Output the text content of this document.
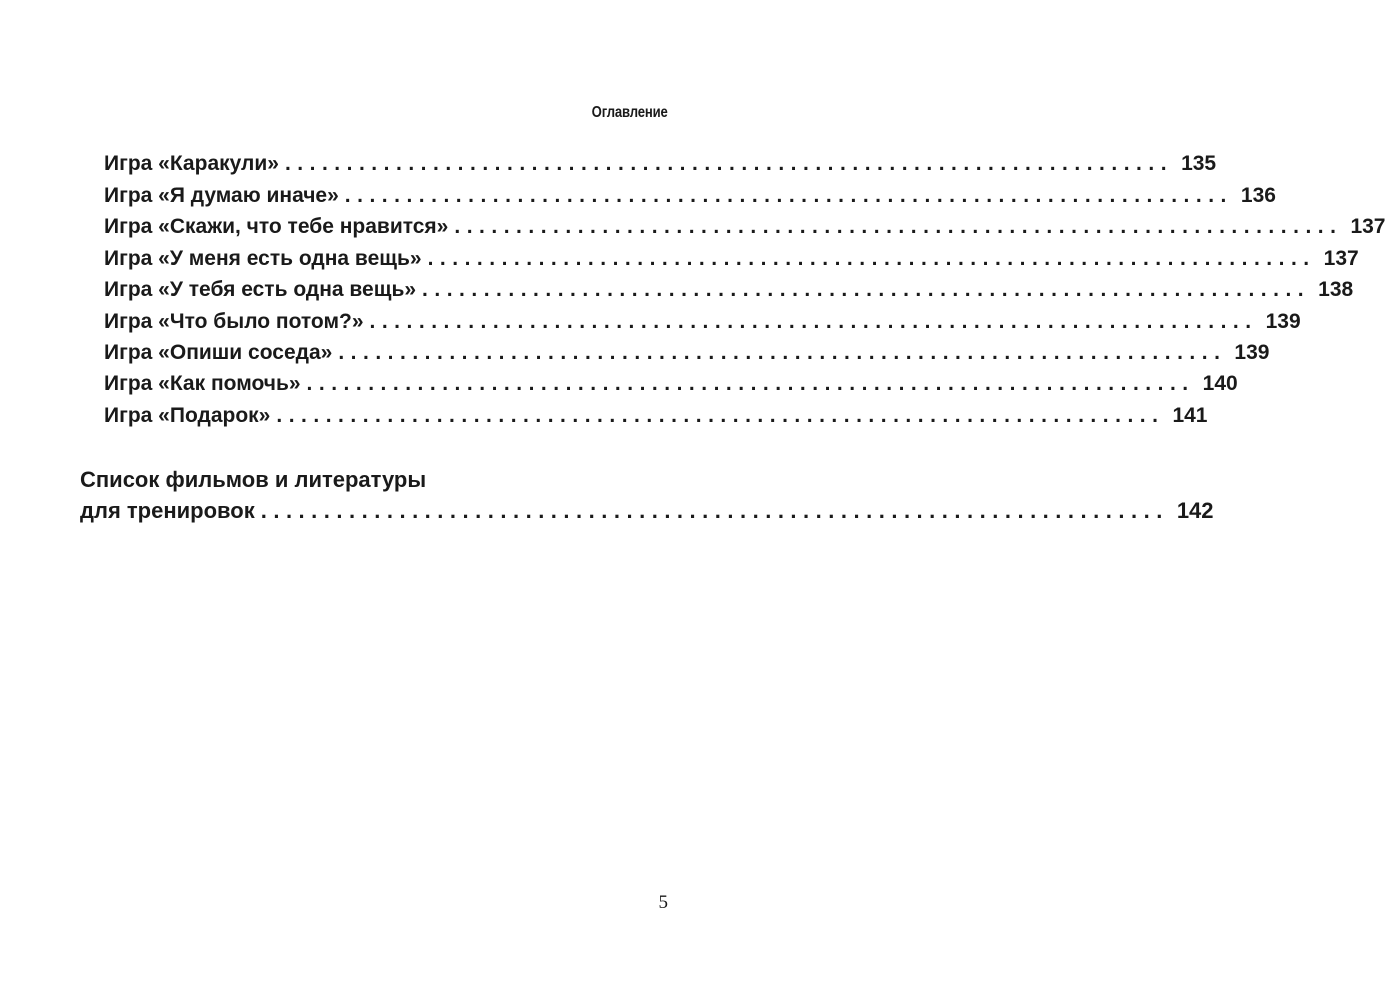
Оглавление
Игра «Каракули» ........................................................................ 135
Игра «Я думаю иначе» ........................................................................ 136
Игра «Скажи, что тебе нравится» ........................................................................ 137
Игра «У меня есть одна вещь» ........................................................................ 137
Игра «У тебя есть одна вещь» ........................................................................ 138
Игра «Что было потом?» ........................................................................ 139
Игра «Опиши соседа» ........................................................................ 139
Игра «Как помочь» ........................................................................ 140
Игра «Подарок» ........................................................................ 141
Список фильмов и литературы
для тренировок ........................................................................ 142
5
